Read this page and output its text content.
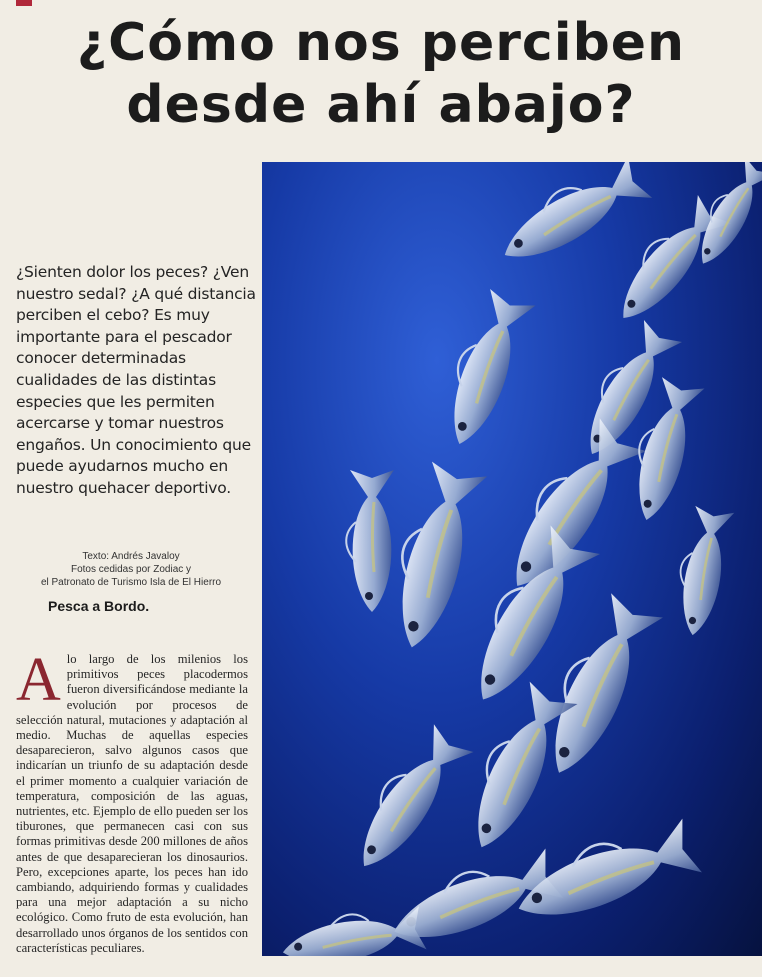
¿Cómo nos perciben
desde ahí abajo?

¿Sienten dolor los peces? ¿Ven nuestro sedal? ¿A qué distancia perciben el cebo? Es muy importante para el pescador conocer determinadas cualidades de las distintas especies que les permiten acercarse y tomar nuestros engaños. Un conocimiento que puede ayudarnos mucho en nuestro quehacer deportivo.

Texto: Andrés Javaloy
Fotos cedidas por Zodiac y
el Patronato de Turismo Isla de El Hierro

Pesca a Bordo.

Alo largo de los milenios los primitivos peces placodermos fueron diversificándose mediante la evolución por procesos de selección natural, mutaciones y adaptación al medio. Muchas de aquellas especies desaparecieron, salvo algunos casos que indicarían un triunfo de su adaptación desde el primer momento a cualquier variación de temperatura, composición de las aguas, nutrientes, etc. Ejemplo de ello pueden ser los tiburones, que permanecen casi con sus formas primitivas desde 200 millones de años antes de que desaparecieran los dinosaurios. Pero, excepciones aparte, los peces han ido cambiando, adquiriendo formas y cualidades para una mejor adaptación a su nicho ecológico. Como fruto de esta evolución, han desarrollado unos órganos de los sentidos con características peculiares.
